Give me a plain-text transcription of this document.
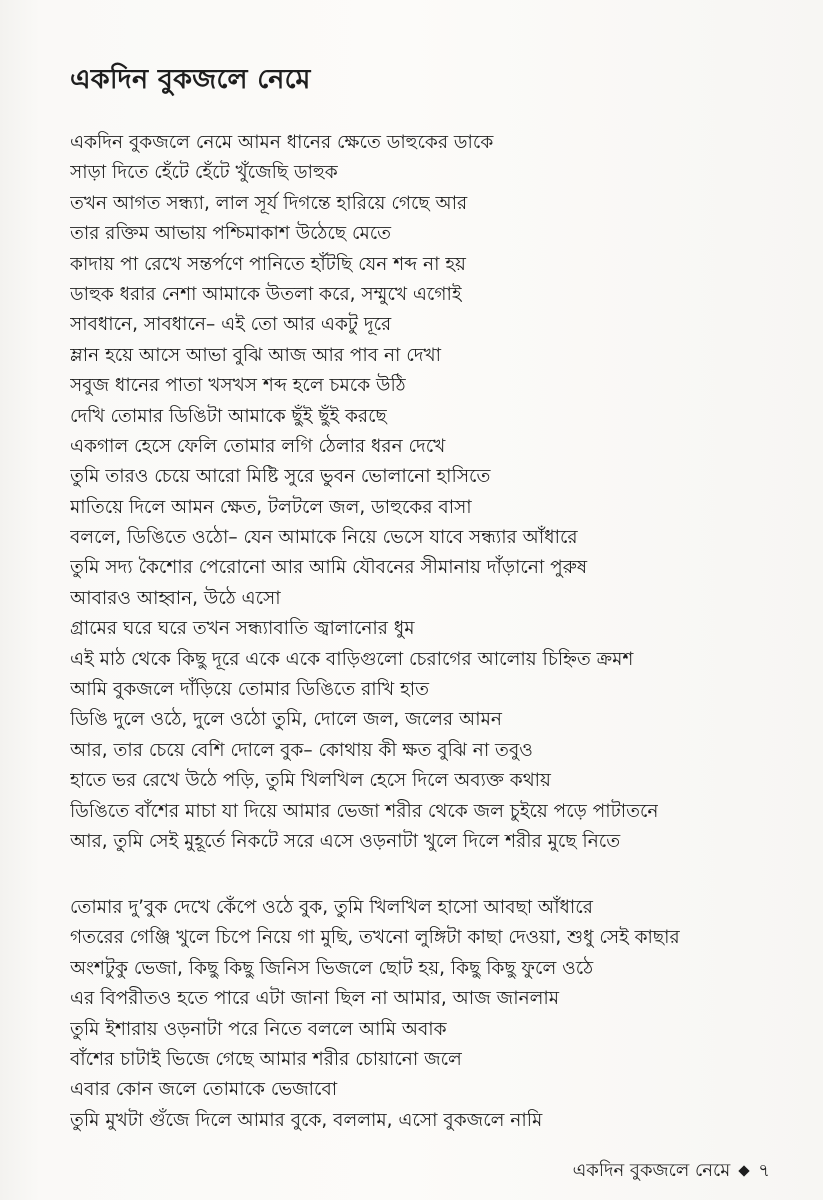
একদিন বুকজলে নেমে
একদিন বুকজলে নেমে আমন ধানের ক্ষেতে ডাহুকের ডাকে
সাড়া দিতে হেঁটে হেঁটে খুঁজেছি ডাহুক
তখন আগত সন্ধ্যা, লাল সূর্য দিগন্তে হারিয়ে গেছে আর
তার রক্তিম আভায় পশ্চিমাকাশ উঠেছে মেতে
কাদায় পা রেখে সন্তর্পণে পানিতে হাঁটছি যেন শব্দ না হয়
ডাহুক ধরার নেশা আমাকে উতলা করে, সম্মুখে এগোই
সাবধানে, সাবধানে– এই তো আর একটু দূরে
ম্লান হয়ে আসে আভা বুঝি আজ আর পাব না দেখা
সবুজ ধানের পাতা খসখস শব্দ হলে চমকে উঠি
দেখি তোমার ডিঙিটা আমাকে ছুঁই ছুঁই করছে
একগাল হেসে ফেলি তোমার লগি ঠেলার ধরন দেখে
তুমি তারও চেয়ে আরো মিষ্টি সুরে ভুবন ভোলানো হাসিতে
মাতিয়ে দিলে আমন ক্ষেত, টলটলে জল, ডাহুকের বাসা
বললে, ডিঙিতে ওঠো– যেন আমাকে নিয়ে ভেসে যাবে সন্ধ্যার আঁধারে
তুমি সদ্য কৈশোর পেরোনো আর আমি যৌবনের সীমানায় দাঁড়ানো পুরুষ
আবারও আহ্বান, উঠে এসো
গ্রামের ঘরে ঘরে তখন সন্ধ্যাবাতি জ্বালানোর ধুম
এই মাঠ থেকে কিছু দূরে একে একে বাড়িগুলো চেরাগের আলোয় চিহ্নিত ক্রমশ
আমি বুকজলে দাঁড়িয়ে তোমার ডিঙিতে রাখি হাত
ডিঙি দুলে ওঠে, দুলে ওঠো তুমি, দোলে জল, জলের আমন
আর, তার চেয়ে বেশি দোলে বুক– কোথায় কী ক্ষত বুঝি না তবুও
হাতে ভর রেখে উঠে পড়ি, তুমি খিলখিল হেসে দিলে অব্যক্ত কথায়
ডিঙিতে বাঁশের মাচা যা দিয়ে আমার ভেজা শরীর থেকে জল চুইয়ে পড়ে পাটাতনে
আর, তুমি সেই মুহূর্তে নিকটে সরে এসে ওড়নাটা খুলে দিলে শরীর মুছে নিতে
তোমার দু’বুক দেখে কেঁপে ওঠে বুক, তুমি খিলখিল হাসো আবছা আঁধারে
গতরের গেঞ্জি খুলে চিপে নিয়ে গা মুছি, তখনো লুঙ্গিটা কাছা দেওয়া, শুধু সেই কাছার
অংশটুকু ভেজা, কিছু কিছু জিনিস ভিজলে ছোট হয়, কিছু কিছু ফুলে ওঠে
এর বিপরীতও হতে পারে এটা জানা ছিল না আমার, আজ জানলাম
তুমি ইশারায় ওড়নাটা পরে নিতে বললে আমি অবাক
বাঁশের চাটাই ভিজে গেছে আমার শরীর চোয়ানো জলে
এবার কোন জলে তোমাকে ভেজাবো
তুমি মুখটা গুঁজে দিলে আমার বুকে, বললাম, এসো বুকজলে নামি
একদিন বুকজলে নেমে ৭
